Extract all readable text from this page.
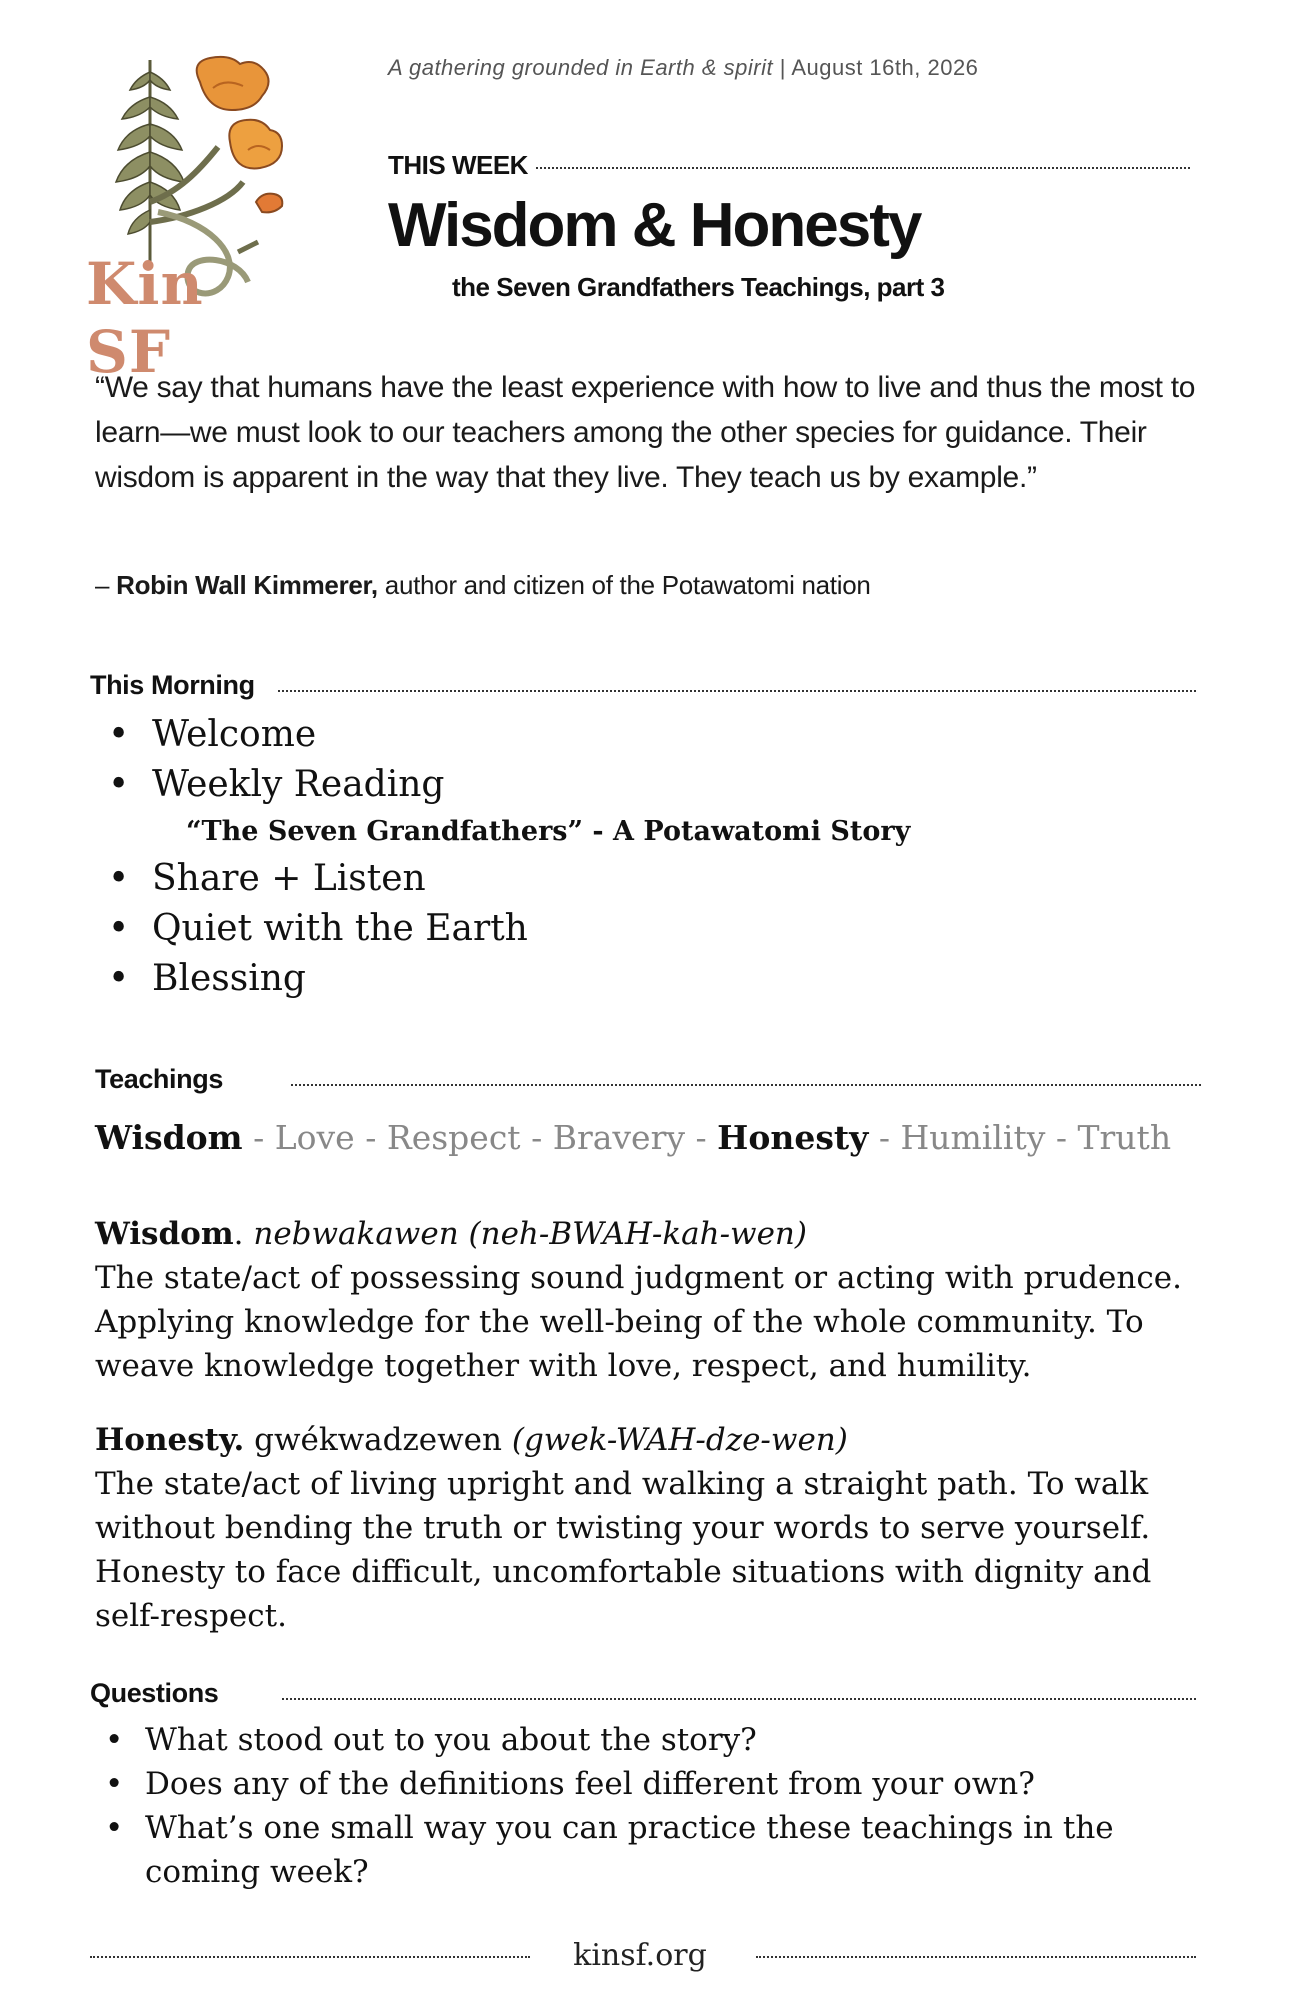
Kin SF
A gathering grounded in Earth & spirit | August 16th, 2026
THIS WEEK
Wisdom & Honesty
the Seven Grandfathers Teachings, part 3
“We say that humans have the least experience with how to live and thus the most to learn—we must look to our teachers among the other species for guidance. Their wisdom is apparent in the way that they live. They teach us by example.”
– Robin Wall Kimmerer, author and citizen of the Potawatomi nation
This Morning
• Welcome
• Weekly Reading
“The Seven Grandfathers” - A Potawatomi Story
• Share + Listen
• Quiet with the Earth
• Blessing
Teachings
Wisdom - Love - Respect - Bravery - Honesty - Humility - Truth
Wisdom. nebwakawen (neh-BWAH-kah-wen)
The state/act of possessing sound judgment or acting with prudence. Applying knowledge for the well-being of the whole community. To weave knowledge together with love, respect, and humility.
Honesty. gwékwadzewen (gwek-WAH-dze-wen)
The state/act of living upright and walking a straight path. To walk without bending the truth or twisting your words to serve yourself. Honesty to face difficult, uncomfortable situations with dignity and self-respect.
Questions
• What stood out to you about the story?
• Does any of the definitions feel different from your own?
• What’s one small way you can practice these teachings in the coming week?
kinsf.org
